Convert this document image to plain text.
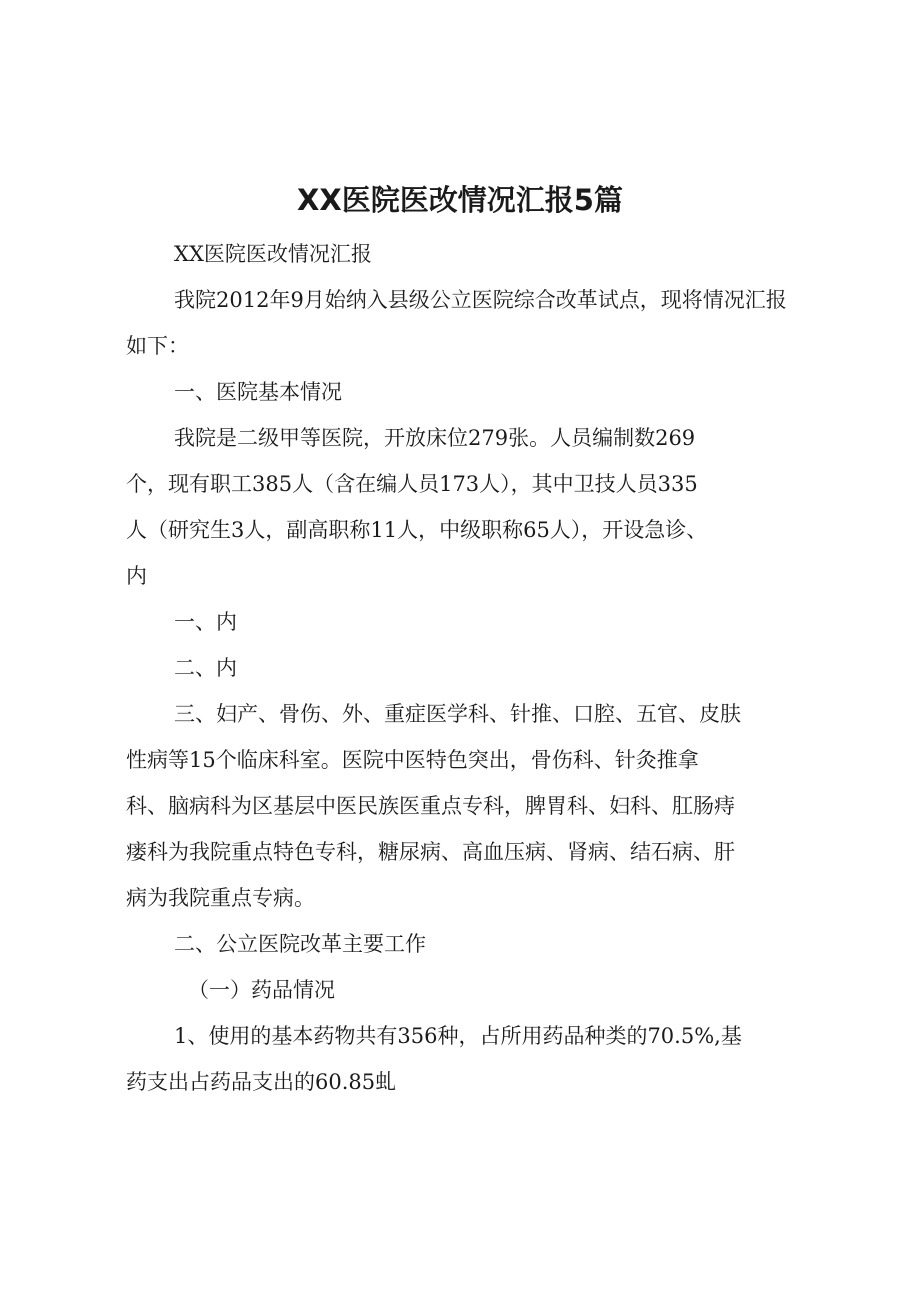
XX医院医改情况汇报5篇

XX医院医改情况汇报

我院2012年9月始纳入县级公立医院综合改革试点，现将情况汇报如下：

一、医院基本情况

我院是二级甲等医院，开放床位279张。人员编制数269
个，现有职工385人（含在编人员173人），其中卫技人员335
人（研究生3人，副高职称11人，中级职称65人），开设急诊、
内

一、内

二、内

三、妇产、骨伤、外、重症医学科、针推、口腔、五官、皮肤
性病等15个临床科室。医院中医特色突出，骨伤科、针灸推拿
科、脑病科为区基层中医民族医重点专科，脾胃科、妇科、肛肠痔
瘘科为我院重点特色专科，糖尿病、高血压病、肾病、结石病、肝
病为我院重点专病。

二、公立医院改革主要工作

（一）药品情况

1、使用的基本药物共有356种，占所用药品种类的70.5%,基
药支出占药品支出的60.85虬
